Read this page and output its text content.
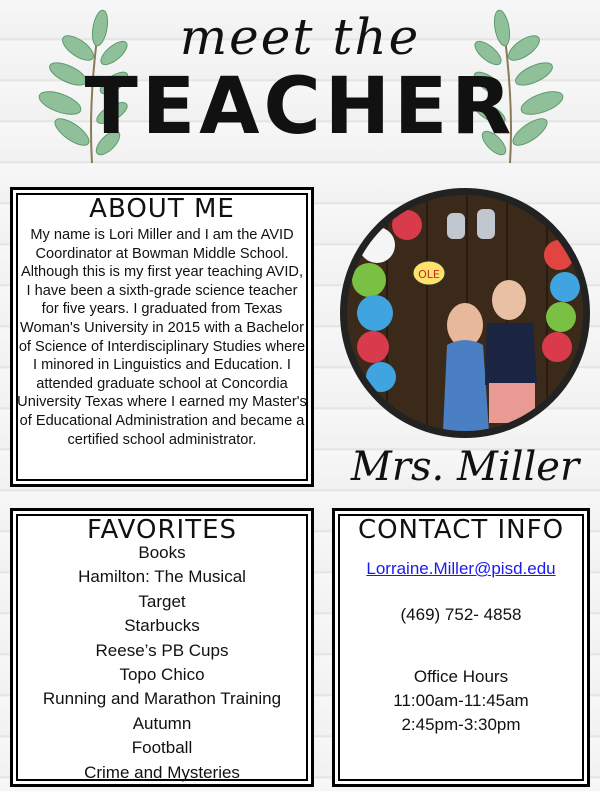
meet the
TEACHER
ABOUT ME
My name is Lori Miller and I am the AVID Coordinator at Bowman Middle School. Although this is my first year teaching AVID, I have been a sixth-grade science teacher for five years. I graduated from Texas Woman's University in 2015 with a Bachelor of Science of Interdisciplinary Studies where I minored in Linguistics and Education. I attended graduate school at Concordia University Texas where I earned my Master's of Educational Administration and became a certified school administrator.
OLE
Mrs. Miller
FAVORITES
Books
Hamilton: The Musical
Target
Starbucks
Reese’s PB Cups
Topo Chico
Running and Marathon Training
Autumn
Football
Crime and Mysteries
CONTACT INFO
Lorraine.Miller@pisd.edu
(469) 752- 4858
Office Hours
11:00am-11:45am
2:45pm-3:30pm
